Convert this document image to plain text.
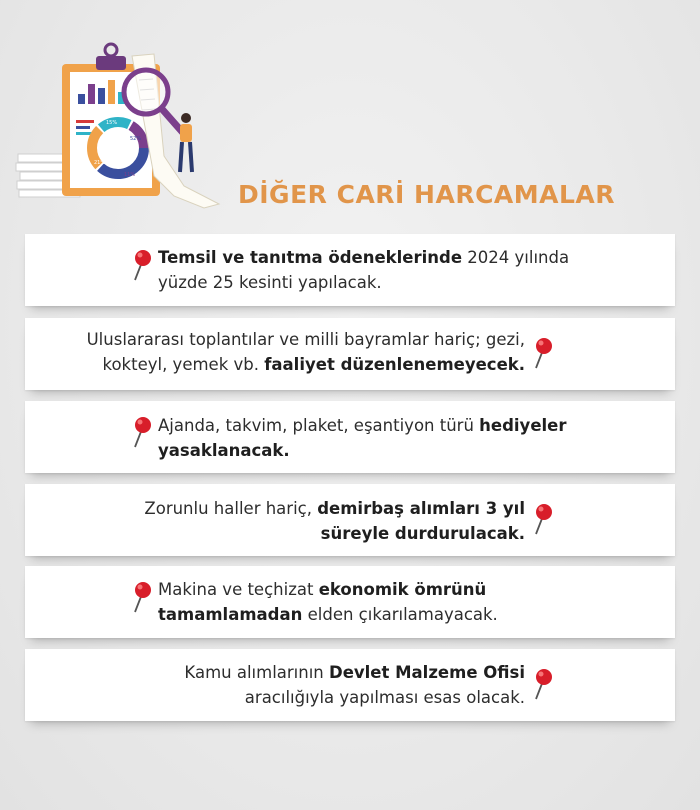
15%
52%
21%
11%
DİĞER CARİ HARCAMALAR
Temsil ve tanıtma ödeneklerinde 2024 yılında
yüzde 25 kesinti yapılacak.
Uluslararası toplantılar ve milli bayramlar hariç; gezi,
kokteyl, yemek vb. faaliyet düzenlenemeyecek.
Ajanda, takvim, plaket, eşantiyon türü hediyeler
yasaklanacak.
Zorunlu haller hariç, demirbaş alımları 3 yıl
süreyle durdurulacak.
Makina ve teçhizat ekonomik ömrünü
tamamlamadan elden çıkarılamayacak.
Kamu alımlarının Devlet Malzeme Ofisi
aracılığıyla yapılması esas olacak.
